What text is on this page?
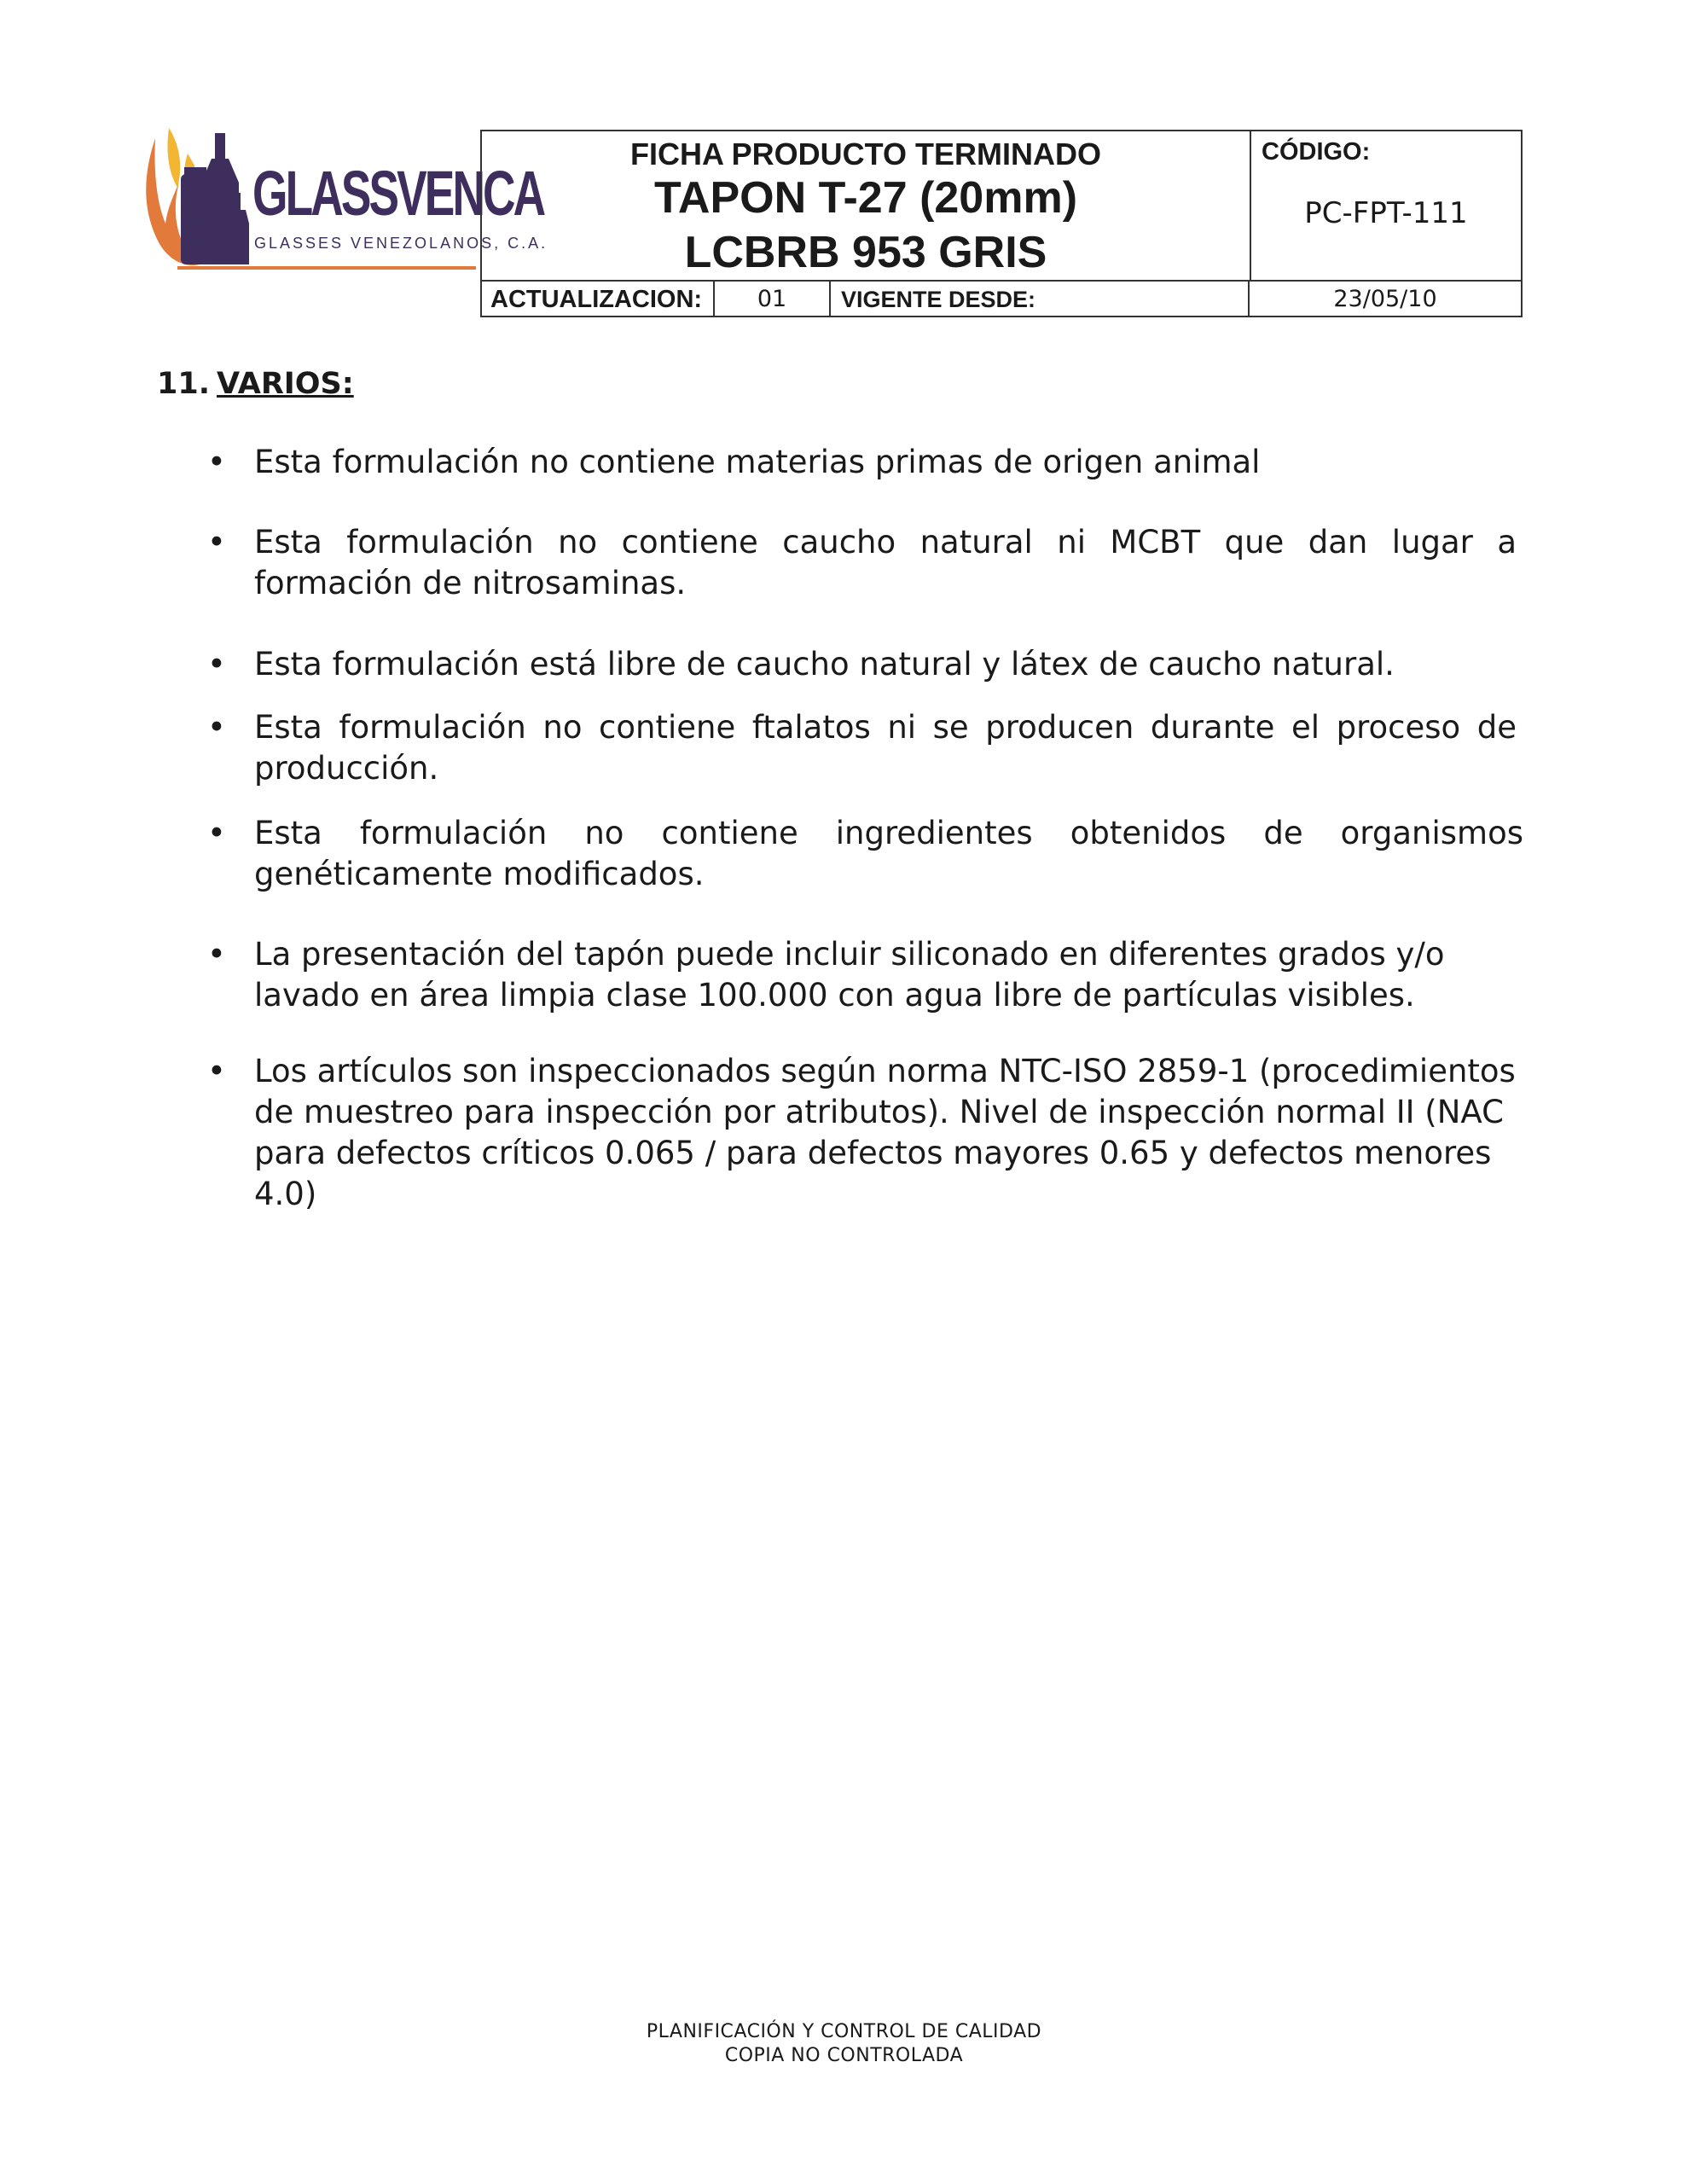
GLASSVENCA
GLASSES VENEZOLANOS, C.A.
FICHA PRODUCTO TERMINADO
TAPON T-27 (20mm)
LCBRB 953 GRIS
CÓDIGO:
PC-FPT-111
ACTUALIZACION:	01	VIGENTE DESDE:	23/05/10
11. VARIOS:
• Esta formulación no contiene materias primas de origen animal
• Esta formulación no contiene caucho natural ni MCBT que dan lugar a formación de nitrosaminas.
• Esta formulación está libre de caucho natural y látex de caucho natural.
• Esta formulación no contiene ftalatos ni se producen durante el proceso de producción.
• Esta formulación no contiene ingredientes obtenidos de organismos genéticamente modificados.
• La presentación del tapón puede incluir siliconado en diferentes grados y/o lavado en área limpia clase 100.000 con agua libre de partículas visibles.
• Los artículos son inspeccionados según norma NTC-ISO 2859-1 (procedimientos de muestreo para inspección por atributos). Nivel de inspección normal II (NAC para defectos críticos 0.065 / para defectos mayores 0.65 y defectos menores 4.0)
PLANIFICACIÓN Y CONTROL DE CALIDAD
COPIA NO CONTROLADA
